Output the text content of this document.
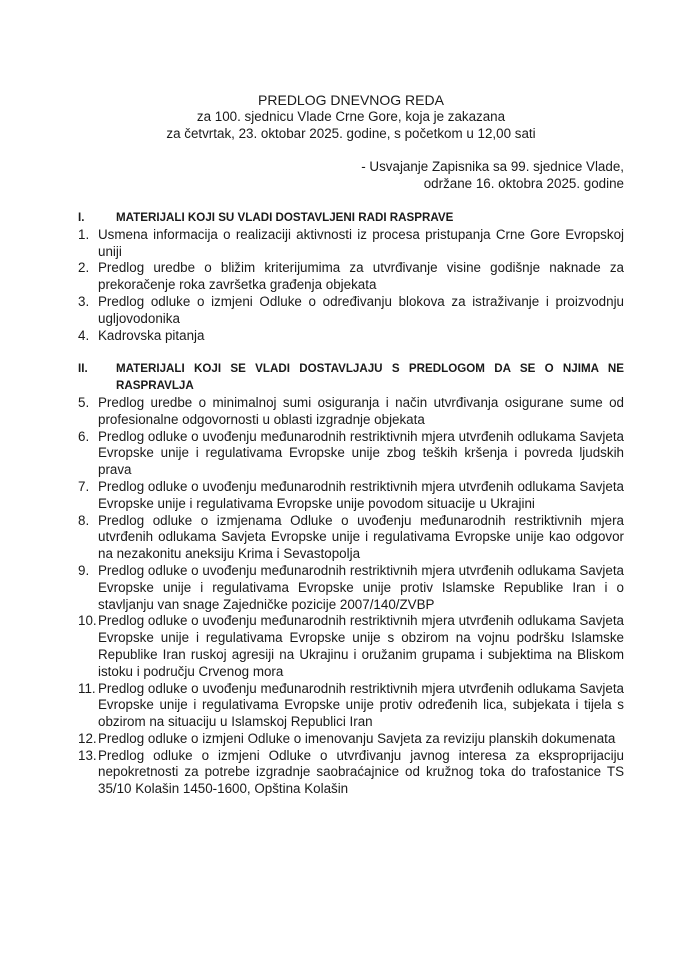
PREDLOG DNEVNOG REDA
za 100. sjednicu Vlade Crne Gore, koja je zakazana
za četvrtak, 23. oktobar 2025. godine, s početkom u 12,00 sati
- Usvajanje Zapisnika sa 99. sjednice Vlade,
održane 16. oktobra 2025. godine
I.	MATERIJALI KOJI SU VLADI DOSTAVLJENI RADI RASPRAVE
1. Usmena informacija o realizaciji aktivnosti iz procesa pristupanja Crne Gore Evropskoj uniji
2. Predlog uredbe o bližim kriterijumima za utvrđivanje visine godišnje naknade za prekoračenje roka završetka građenja objekata
3. Predlog odluke o izmjeni Odluke o određivanju blokova za istraživanje i proizvodnju ugljovodonika
4. Kadrovska pitanja
II.	MATERIJALI KOJI SE VLADI DOSTAVLJAJU S PREDLOGOM DA SE O NJIMA NE RASPRAVLJA
5. Predlog uredbe o minimalnoj sumi osiguranja i način utvrđivanja osigurane sume od profesionalne odgovornosti u oblasti izgradnje objekata
6. Predlog odluke o uvođenju međunarodnih restriktivnih mjera utvrđenih odlukama Savjeta Evropske unije i regulativama Evropske unije zbog teških kršenja i povreda ljudskih prava
7. Predlog odluke o uvođenju međunarodnih restriktivnih mjera utvrđenih odlukama Savjeta Evropske unije i regulativama Evropske unije povodom situacije u Ukrajini
8. Predlog odluke o izmjenama Odluke o uvođenju međunarodnih restriktivnih mjera utvrđenih odlukama Savjeta Evropske unije i regulativama Evropske unije kao odgovor na nezakonitu aneksiju Krima i Sevastopolja
9. Predlog odluke o uvođenju međunarodnih restriktivnih mjera utvrđenih odlukama Savjeta Evropske unije i regulativama Evropske unije protiv Islamske Republike Iran i o stavljanju van snage Zajedničke pozicije 2007/140/ZVBP
10. Predlog odluke o uvođenju međunarodnih restriktivnih mjera utvrđenih odlukama Savjeta Evropske unije i regulativama Evropske unije s obzirom na vojnu podršku Islamske Republike Iran ruskoj agresiji na Ukrajinu i oružanim grupama i subjektima na Bliskom istoku i području Crvenog mora
11. Predlog odluke o uvođenju međunarodnih restriktivnih mjera utvrđenih odlukama Savjeta Evropske unije i regulativama Evropske unije protiv određenih lica, subjekata i tijela s obzirom na situaciju u Islamskoj Republici Iran
12. Predlog odluke o izmjeni Odluke o imenovanju Savjeta za reviziju planskih dokumenata
13. Predlog odluke o izmjeni Odluke o utvrđivanju javnog interesa za eksproprijaciju nepokretnosti za potrebe izgradnje saobraćajnice od kružnog toka do trafostanice TS 35/10 Kolašin 1450-1600, Opština Kolašin
